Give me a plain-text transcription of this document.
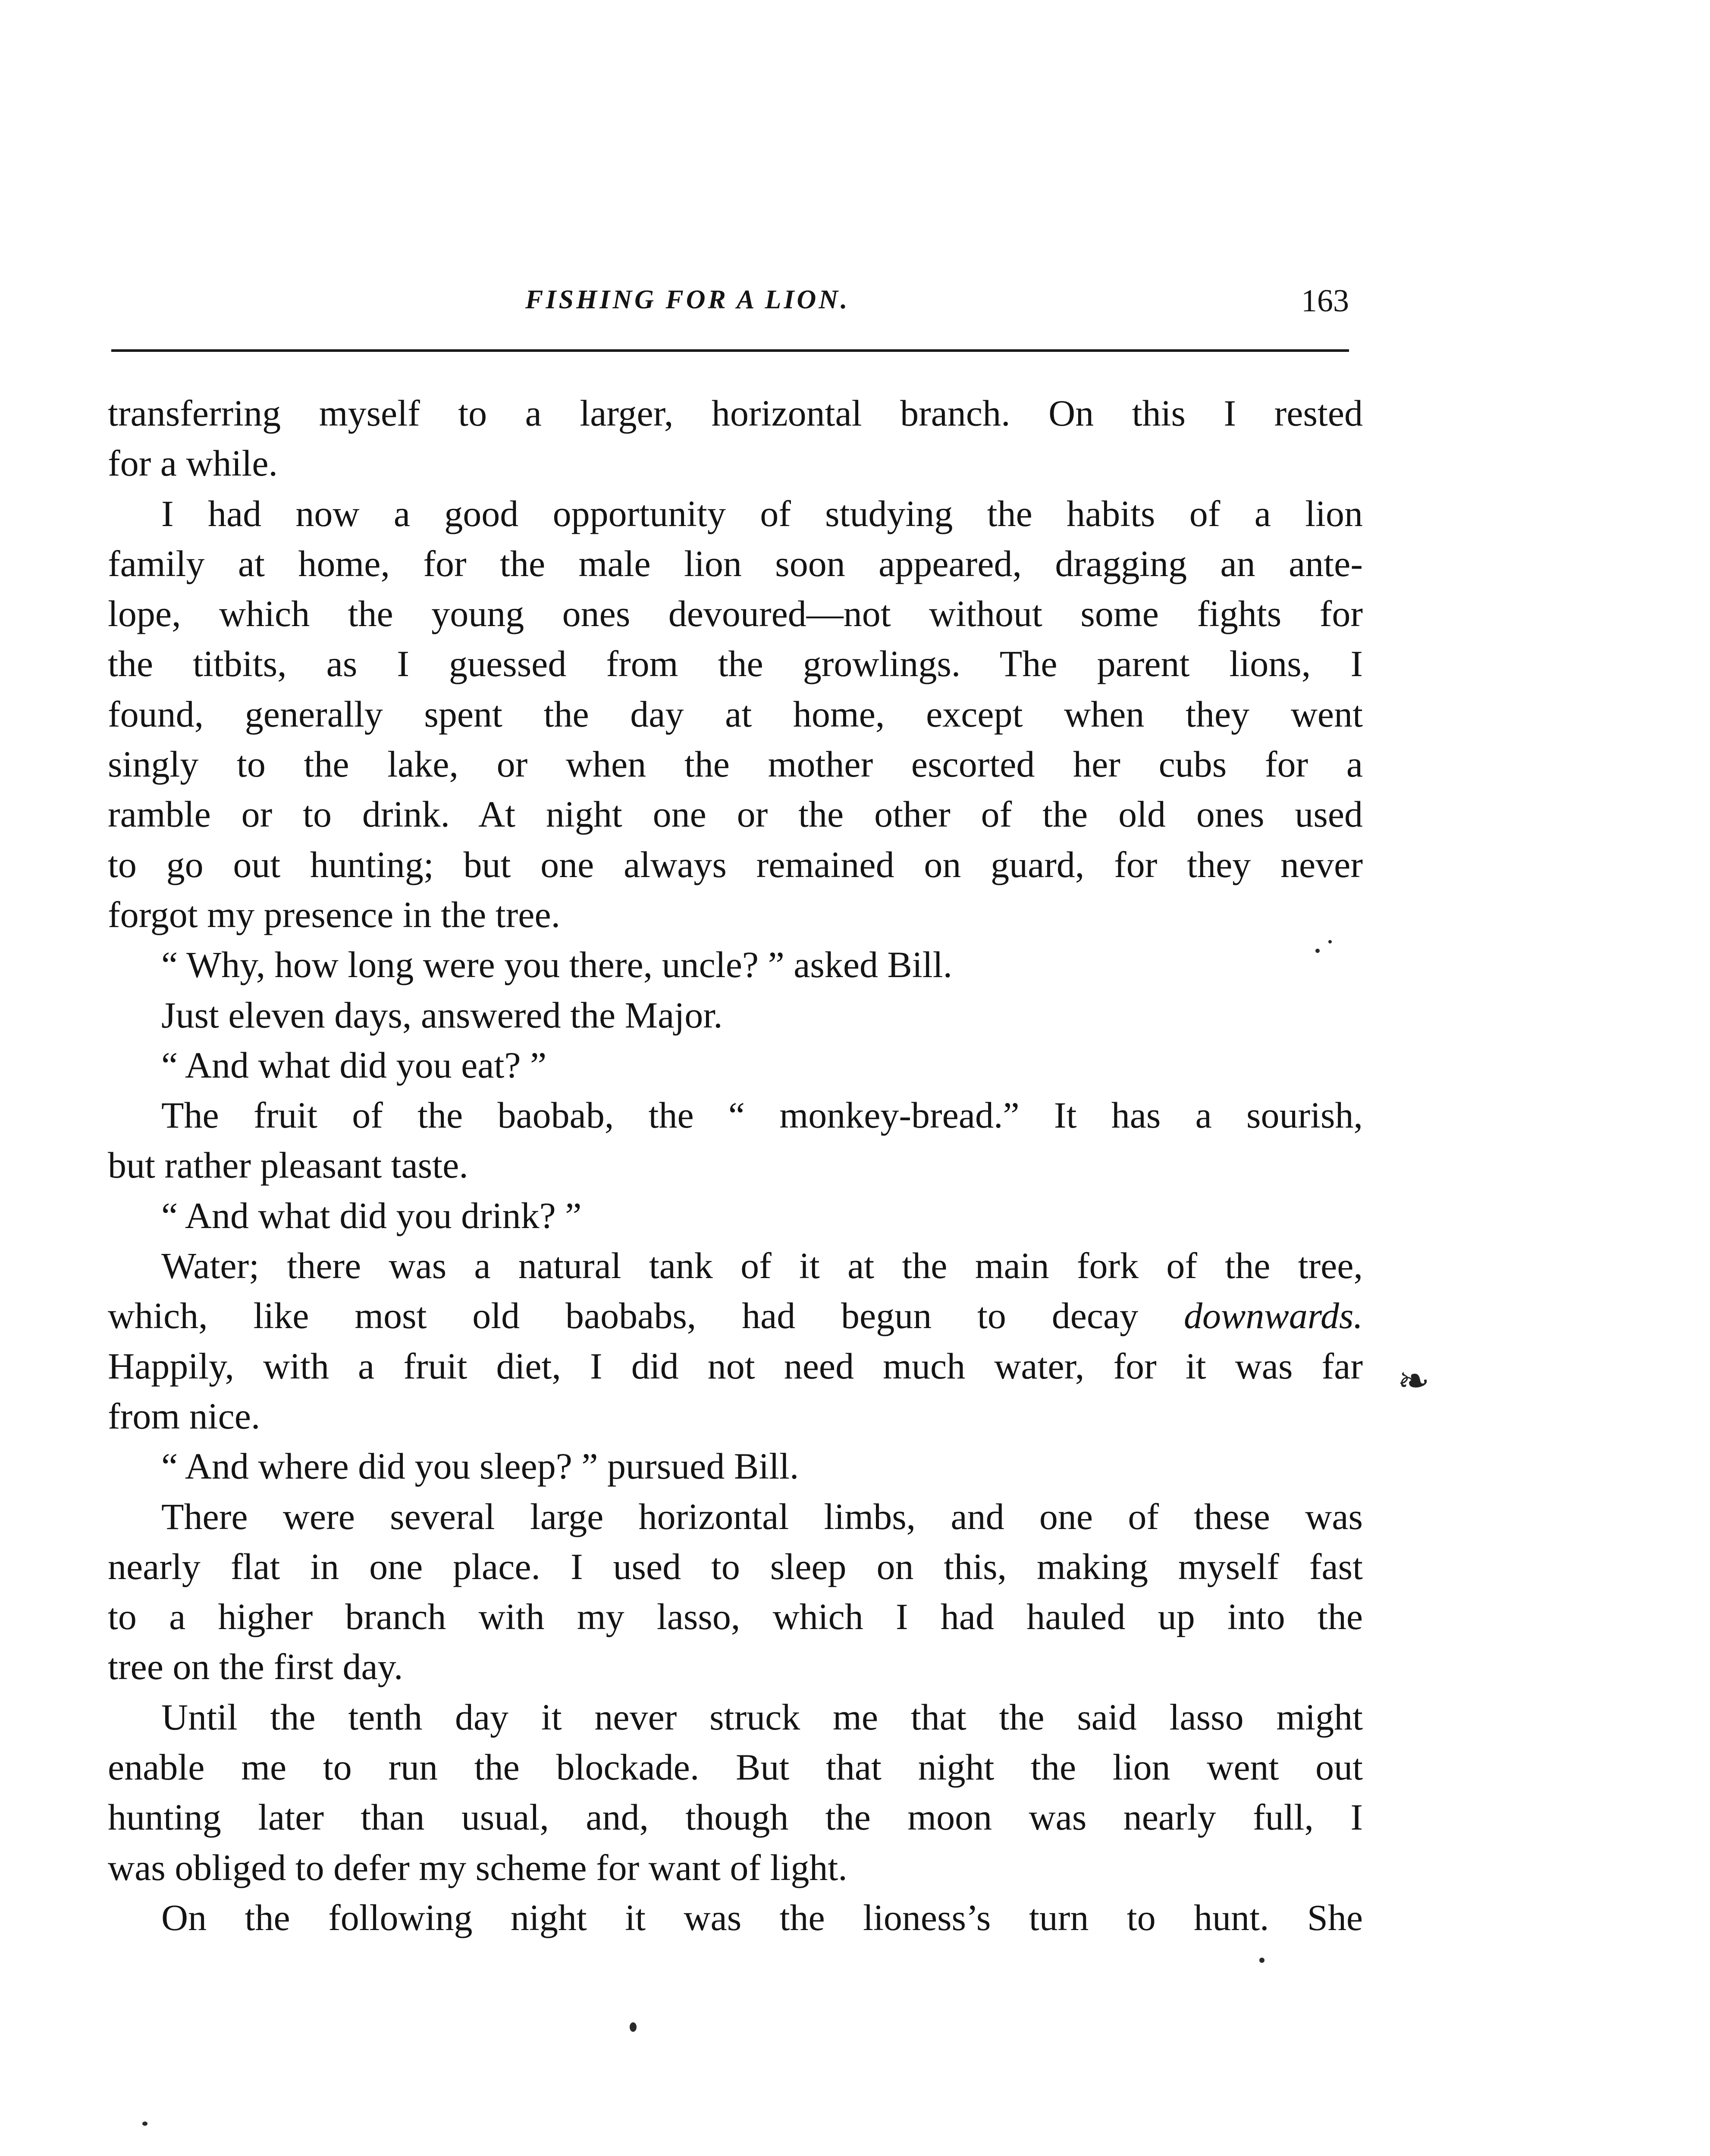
FISHING FOR A LION.	163
transferring myself to a larger, horizontal branch. On this I rested
for a while.
I had now a good opportunity of studying the habits of a lion
family at home, for the male lion soon appeared, dragging an ante-
lope, which the young ones devoured—not without some fights for
the titbits, as I guessed from the growlings. The parent lions, I
found, generally spent the day at home, except when they went
singly to the lake, or when the mother escorted her cubs for a
ramble or to drink. At night one or the other of the old ones used
to go out hunting; but one always remained on guard, for they never
forgot my presence in the tree.
“ Why, how long were you there, uncle? ” asked Bill.
Just eleven days, answered the Major.
“ And what did you eat? ”
The fruit of the baobab, the “ monkey-bread.” It has a sourish,
but rather pleasant taste.
“ And what did you drink? ”
Water; there was a natural tank of it at the main fork of the tree,
which, like most old baobabs, had begun to decay downwards.
Happily, with a fruit diet, I did not need much water, for it was far
from nice.
“ And where did you sleep? ” pursued Bill.
There were several large horizontal limbs, and one of these was
nearly flat in one place. I used to sleep on this, making myself fast
to a higher branch with my lasso, which I had hauled up into the
tree on the first day.
Until the tenth day it never struck me that the said lasso might
enable me to run the blockade. But that night the lion went out
hunting later than usual, and, though the moon was nearly full, I
was obliged to defer my scheme for want of light.
On the following night it was the lioness’s turn to hunt. She
❧
